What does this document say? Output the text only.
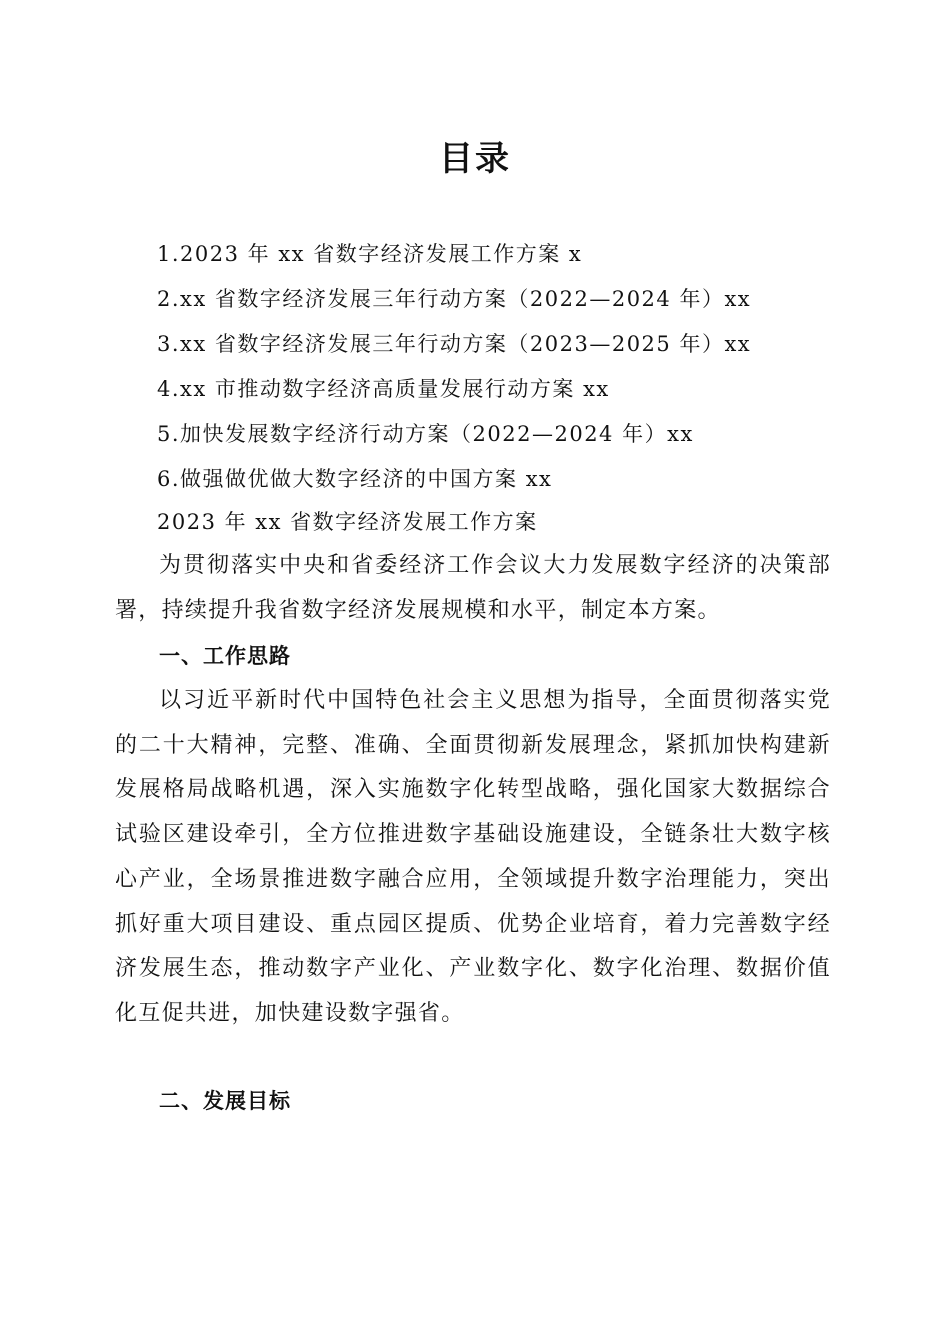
目录
1.2023 年 xx 省数字经济发展工作方案 x
2.xx 省数字经济发展三年行动方案（2022—2024 年）xx
3.xx 省数字经济发展三年行动方案（2023—2025 年）xx
4.xx 市推动数字经济高质量发展行动方案 xx
5.加快发展数字经济行动方案（2022—2024 年）xx
6.做强做优做大数字经济的中国方案 xx
2023 年 xx 省数字经济发展工作方案

为贯彻落实中央和省委经济工作会议大力发展数字经济的决策部署，持续提升我省数字经济发展规模和水平，制定本方案。

一、工作思路

以习近平新时代中国特色社会主义思想为指导，全面贯彻落实党的二十大精神，完整、准确、全面贯彻新发展理念，紧抓加快构建新发展格局战略机遇，深入实施数字化转型战略，强化国家大数据综合试验区建设牵引，全方位推进数字基础设施建设，全链条壮大数字核心产业，全场景推进数字融合应用，全领域提升数字治理能力，突出抓好重大项目建设、重点园区提质、优势企业培育，着力完善数字经济发展生态，推动数字产业化、产业数字化、数字化治理、数据价值化互促共进，加快建设数字强省。

二、发展目标
